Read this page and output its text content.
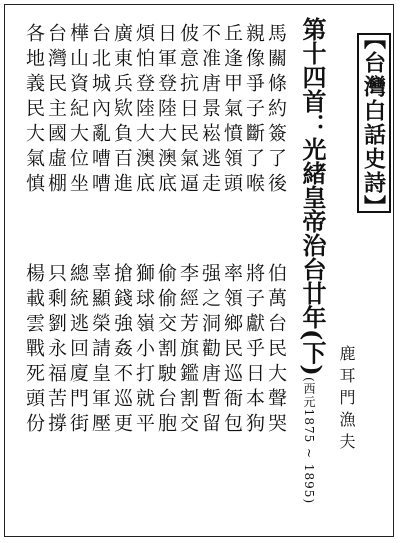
【台灣白話史詩】
鹿耳門漁夫
第十四首：光緒皇帝治台廿年(下)
(西元1875 ~ 1895)
馬關條約簽了後
伯萬台民大聲哭
親像爭子斷了喉
將子獻乎日本狗
丘逢甲氣憤領頭
率領鄉民巡衙包
不准唐景崧逃走
强之洞勸唐暫留
佊意抗日民氣逼
李經芳旗鑑割交
日軍登陸大澳底
偷偷交割駛台胞
煩怕登陸大澳底
獅球嶺小打就平
廣東兵欵負百進
搶錢強姦不巡更
台北城內亂嘈嘈
辜顯榮請皇軍壓
樺山資紀大位坐
總統逃回廈門街
台灣民主國虛棚
只剩劉永福苦撐
各地義民大氣慎
楊載雲戰死頭份
